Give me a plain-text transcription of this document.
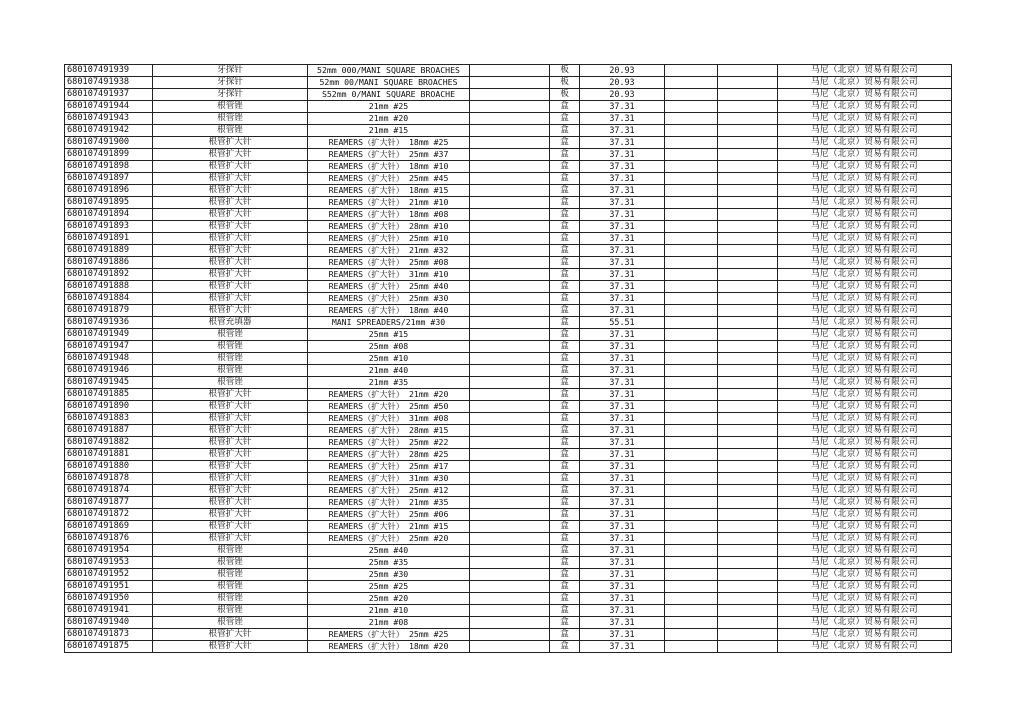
680107491939	牙探针	52mm 000/MANI SQUARE BROACHES		板	20.93			马尼（北京）贸易有限公司
680107491938	牙探针	52mm 00/MANI SQUARE BROACHES		板	20.93			马尼（北京）贸易有限公司
680107491937	牙探针	S52mm 0/MANI SQUARE BROACHE		板	20.93			马尼（北京）贸易有限公司
680107491944	根管锉	21mm #25		盒	37.31			马尼（北京）贸易有限公司
680107491943	根管锉	21mm #20		盒	37.31			马尼（北京）贸易有限公司
680107491942	根管锉	21mm #15		盒	37.31			马尼（北京）贸易有限公司
680107491900	根管扩大针	REAMERS（扩大针） 18mm #25		盒	37.31			马尼（北京）贸易有限公司
680107491899	根管扩大针	REAMERS（扩大针） 25mm #37		盒	37.31			马尼（北京）贸易有限公司
680107491898	根管扩大针	REAMERS（扩大针） 18mm #10		盒	37.31			马尼（北京）贸易有限公司
680107491897	根管扩大针	REAMERS（扩大针） 25mm #45		盒	37.31			马尼（北京）贸易有限公司
680107491896	根管扩大针	REAMERS（扩大针） 18mm #15		盒	37.31			马尼（北京）贸易有限公司
680107491895	根管扩大针	REAMERS（扩大针） 21mm #10		盒	37.31			马尼（北京）贸易有限公司
680107491894	根管扩大针	REAMERS（扩大针） 18mm #08		盒	37.31			马尼（北京）贸易有限公司
680107491893	根管扩大针	REAMERS（扩大针） 28mm #10		盒	37.31			马尼（北京）贸易有限公司
680107491891	根管扩大针	REAMERS（扩大针） 25mm #10		盒	37.31			马尼（北京）贸易有限公司
680107491889	根管扩大针	REAMERS（扩大针） 21mm #32		盒	37.31			马尼（北京）贸易有限公司
680107491886	根管扩大针	REAMERS（扩大针） 25mm #08		盒	37.31			马尼（北京）贸易有限公司
680107491892	根管扩大针	REAMERS（扩大针） 31mm #10		盒	37.31			马尼（北京）贸易有限公司
680107491888	根管扩大针	REAMERS（扩大针） 25mm #40		盒	37.31			马尼（北京）贸易有限公司
680107491884	根管扩大针	REAMERS（扩大针） 25mm #30		盒	37.31			马尼（北京）贸易有限公司
680107491879	根管扩大针	REAMERS（扩大针） 18mm #40		盒	37.31			马尼（北京）贸易有限公司
680107491936	根管充填器	MANI SPREADERS/21mm #30		盒	55.51			马尼（北京）贸易有限公司
680107491949	根管锉	25mm #15		盒	37.31			马尼（北京）贸易有限公司
680107491947	根管锉	25mm #08		盒	37.31			马尼（北京）贸易有限公司
680107491948	根管锉	25mm #10		盒	37.31			马尼（北京）贸易有限公司
680107491946	根管锉	21mm #40		盒	37.31			马尼（北京）贸易有限公司
680107491945	根管锉	21mm #35		盒	37.31			马尼（北京）贸易有限公司
680107491885	根管扩大针	REAMERS（扩大针） 21mm #20		盒	37.31			马尼（北京）贸易有限公司
680107491890	根管扩大针	REAMERS（扩大针） 25mm #50		盒	37.31			马尼（北京）贸易有限公司
680107491883	根管扩大针	REAMERS（扩大针） 31mm #08		盒	37.31			马尼（北京）贸易有限公司
680107491887	根管扩大针	REAMERS（扩大针） 28mm #15		盒	37.31			马尼（北京）贸易有限公司
680107491882	根管扩大针	REAMERS（扩大针） 25mm #22		盒	37.31			马尼（北京）贸易有限公司
680107491881	根管扩大针	REAMERS（扩大针） 28mm #25		盒	37.31			马尼（北京）贸易有限公司
680107491880	根管扩大针	REAMERS（扩大针） 25mm #17		盒	37.31			马尼（北京）贸易有限公司
680107491878	根管扩大针	REAMERS（扩大针） 31mm #30		盒	37.31			马尼（北京）贸易有限公司
680107491874	根管扩大针	REAMERS（扩大针） 25mm #12		盒	37.31			马尼（北京）贸易有限公司
680107491877	根管扩大针	REAMERS（扩大针） 21mm #35		盒	37.31			马尼（北京）贸易有限公司
680107491872	根管扩大针	REAMERS（扩大针） 25mm #06		盒	37.31			马尼（北京）贸易有限公司
680107491869	根管扩大针	REAMERS（扩大针） 21mm #15		盒	37.31			马尼（北京）贸易有限公司
680107491876	根管扩大针	REAMERS（扩大针） 25mm #20		盒	37.31			马尼（北京）贸易有限公司
680107491954	根管锉	25mm #40		盒	37.31			马尼（北京）贸易有限公司
680107491953	根管锉	25mm #35		盒	37.31			马尼（北京）贸易有限公司
680107491952	根管锉	25mm #30		盒	37.31			马尼（北京）贸易有限公司
680107491951	根管锉	25mm #25		盒	37.31			马尼（北京）贸易有限公司
680107491950	根管锉	25mm #20		盒	37.31			马尼（北京）贸易有限公司
680107491941	根管锉	21mm #10		盒	37.31			马尼（北京）贸易有限公司
680107491940	根管锉	21mm #08		盒	37.31			马尼（北京）贸易有限公司
680107491873	根管扩大针	REAMERS（扩大针） 25mm #25		盒	37.31			马尼（北京）贸易有限公司
680107491875	根管扩大针	REAMERS（扩大针） 18mm #20		盒	37.31			马尼（北京）贸易有限公司
